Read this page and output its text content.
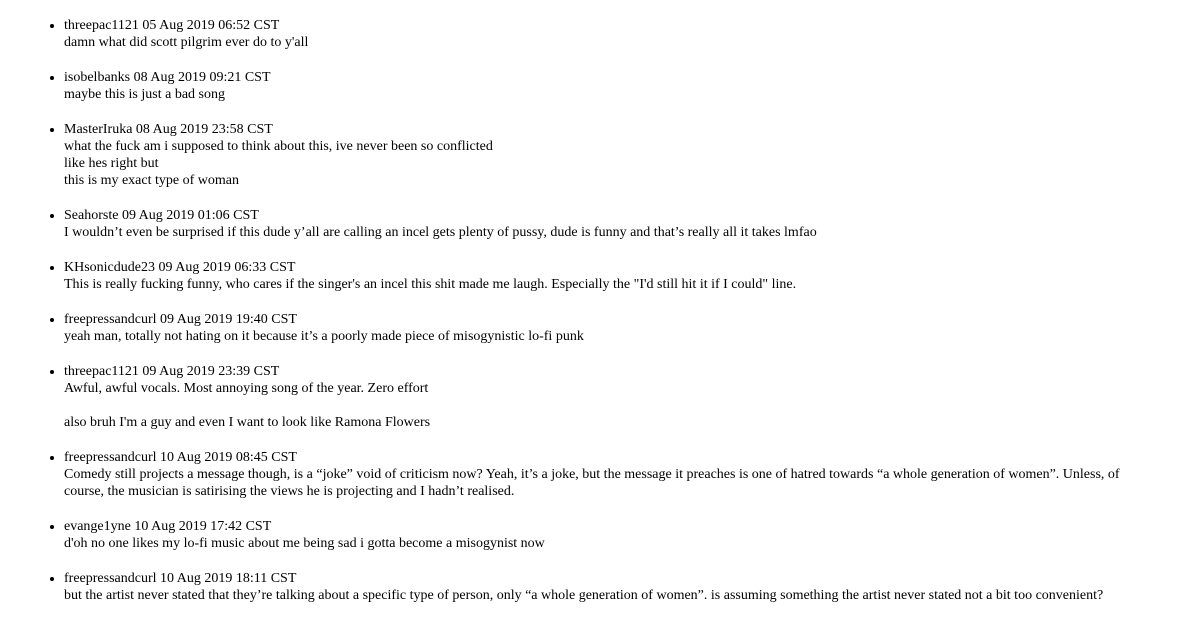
• threepac1121 05 Aug 2019 06:52 CST
damn what did scott pilgrim ever do to y'all
• isobelbanks 08 Aug 2019 09:21 CST
maybe this is just a bad song
• MasterIruka 08 Aug 2019 23:58 CST
what the fuck am i supposed to think about this, ive never been so conflicted
like hes right but
this is my exact type of woman
• Seahorste 09 Aug 2019 01:06 CST
I wouldn’t even be surprised if this dude y’all are calling an incel gets plenty of pussy, dude is funny and that’s really all it takes lmfao
• KHsonicdude23 09 Aug 2019 06:33 CST
This is really fucking funny, who cares if the singer's an incel this shit made me laugh. Especially the "I'd still hit it if I could" line.
• freepressandcurl 09 Aug 2019 19:40 CST
yeah man, totally not hating on it because it’s a poorly made piece of misogynistic lo-fi punk
• threepac1121 09 Aug 2019 23:39 CST
Awful, awful vocals. Most annoying song of the year. Zero effort
also bruh I'm a guy and even I want to look like Ramona Flowers
• freepressandcurl 10 Aug 2019 08:45 CST
Comedy still projects a message though, is a “joke” void of criticism now? Yeah, it’s a joke, but the message it preaches is one of hatred towards “a whole generation of women”. Unless, of course, the musician is satirising the views he is projecting and I hadn’t realised.
• evange1yne 10 Aug 2019 17:42 CST
d'oh no one likes my lo-fi music about me being sad i gotta become a misogynist now
• freepressandcurl 10 Aug 2019 18:11 CST
but the artist never stated that they’re talking about a specific type of person, only “a whole generation of women”. is assuming something the artist never stated not a bit too convenient?
